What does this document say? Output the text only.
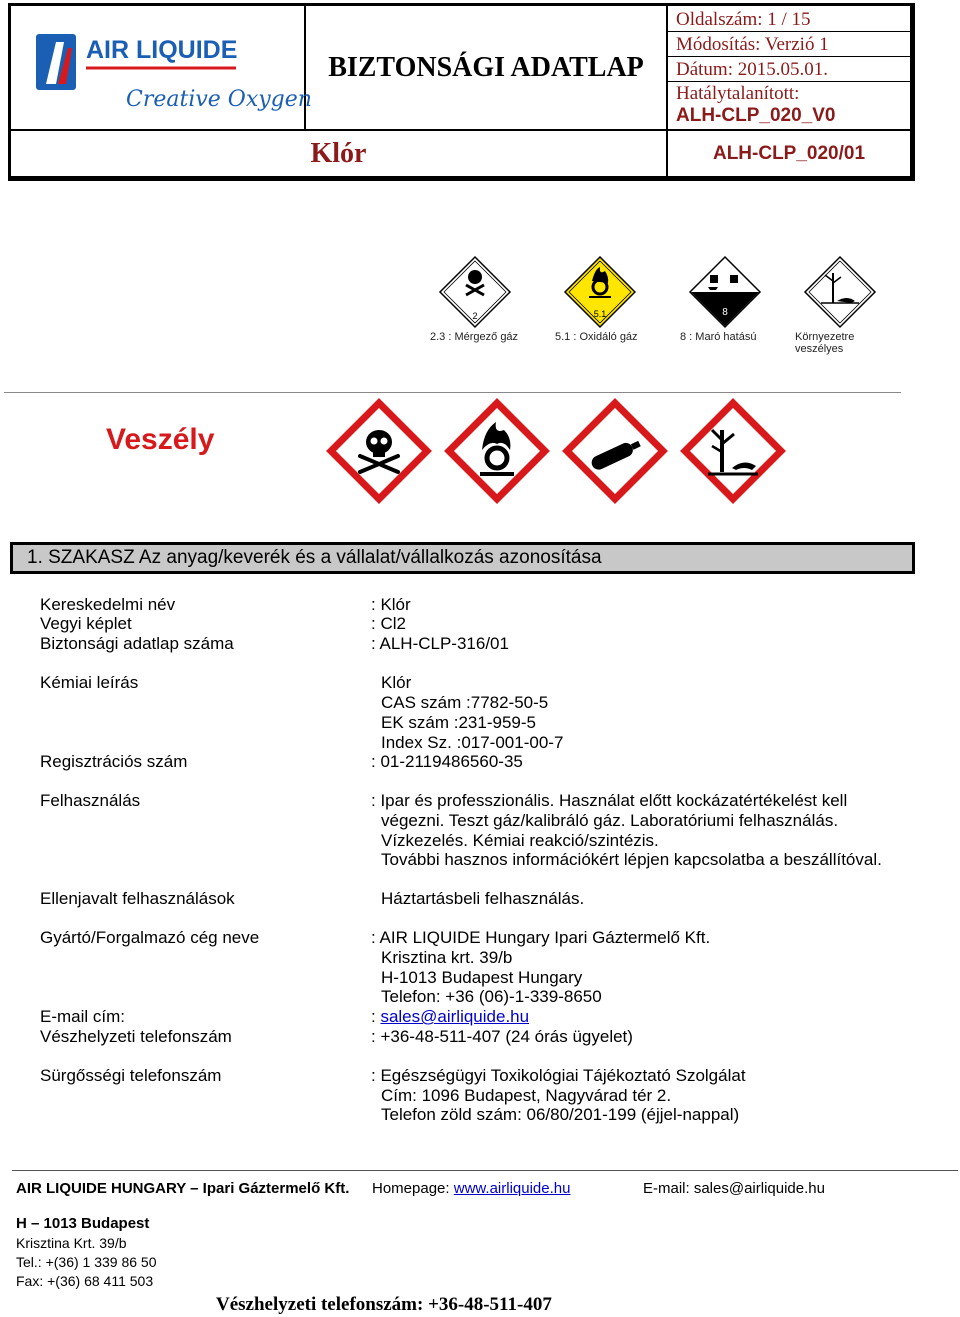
AIR LIQUIDE
Creative Oxygen
BIZTONSÁGI ADATLAP
Oldalszám: 1 / 15
Módosítás: Verzió 1
Dátum: 2015.05.01.
Hatálytalanított:
ALH-CLP_020_V0
Klór	ALH-CLP_020/01
2
2.3 : Mérgező gáz
5.1
5.1 : Oxidáló gáz
8
8 : Maró hatású	Környezetre veszélyes
Veszély
1. SZAKASZ Az anyag/keverék és a vállalat/vállalkozás azonosítása
Kereskedelmi név	: Klór
Vegyi képlet	: Cl2
Biztonsági adatlap száma	: ALH-CLP-316/01
Kémiai leírás	Klór
CAS szám :7782-50-5
EK szám :231-959-5
Index Sz. :017-001-00-7
Regisztrációs szám	: 01-2119486560-35
Felhasználás	: Ipar és professzionális. Használat előtt kockázatértékelést kell
végezni. Teszt gáz/kalibráló gáz. Laboratóriumi felhasználás.
Vízkezelés. Kémiai reakció/szintézis.
További hasznos információkért lépjen kapcsolatba a beszállítóval.
Ellenjavalt felhasználások	Háztartásbeli felhasználás.
Gyártó/Forgalmazó cég neve	: AIR LIQUIDE Hungary Ipari Gáztermelő Kft.
Krisztina krt. 39/b
H-1013 Budapest Hungary
Telefon: +36 (06)-1-339-8650
E-mail cím:	: sales@airliquide.hu
Vészhelyzeti telefonszám	: +36-48-511-407 (24 órás ügyelet)
Sürgősségi telefonszám	: Egészségügyi Toxikológiai Tájékoztató Szolgálat
Cím: 1096 Budapest, Nagyvárad tér 2.
Telefon zöld szám: 06/80/201-199 (éjjel-nappal)
AIR LIQUIDE HUNGARY – Ipari Gáztermelő Kft. Homepage: www.airliquide.hu	E-mail: sales@airliquide.hu
H – 1013 Budapest
Krisztina Krt. 39/b
Tel.: +(36) 1 339 86 50
Fax: +(36) 68 411 503
Vészhelyzeti telefonszám: +36-48-511-407
